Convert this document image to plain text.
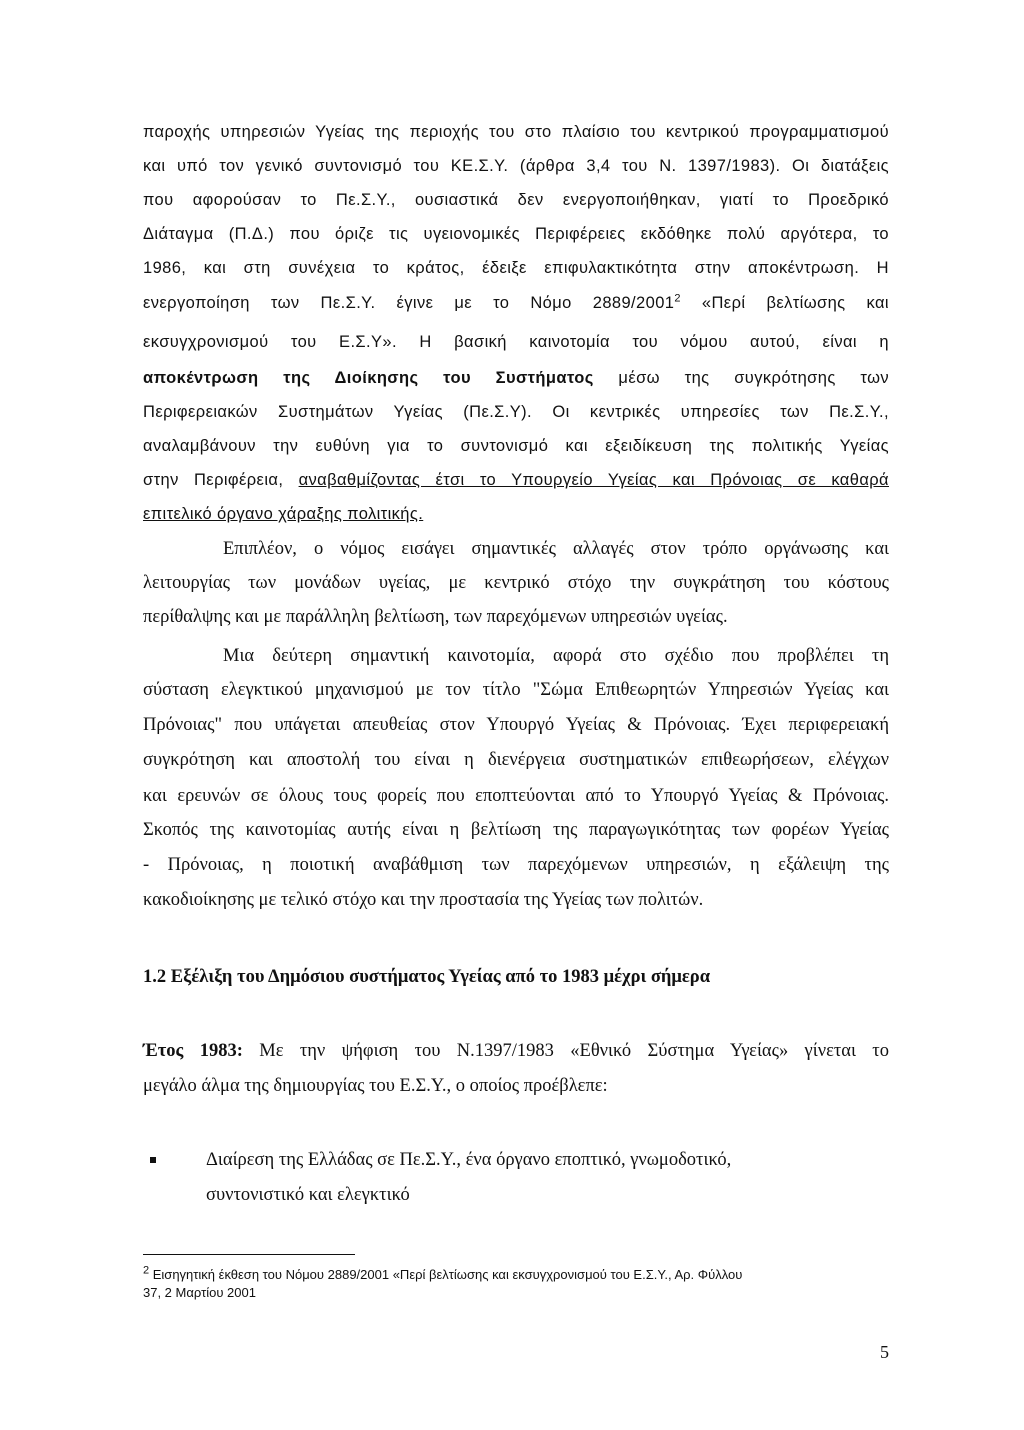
παροχής υπηρεσιών Υγείας της περιοχής του στο πλαίσιο του κεντρικού προγραμματισμού
και υπό τον γενικό συντονισμό του ΚΕ.Σ.Υ. (άρθρα 3,4 του Ν. 1397/1983). Οι διατάξεις
που αφορούσαν το Πε.Σ.Υ., ουσιαστικά δεν ενεργοποιήθηκαν, γιατί το Προεδρικό
Διάταγμα (Π.Δ.) που όριζε τις υγειονομικές Περιφέρειες εκδόθηκε πολύ αργότερα, το
1986, και στη συνέχεια το κράτος, έδειξε επιφυλακτικότητα στην αποκέντρωση. Η
ενεργοποίηση των Πε.Σ.Υ. έγινε με το Νόμο 2889/2001$^2$ «Περί βελτίωσης και
εκσυγχρονισμού του Ε.Σ.Υ». Η βασική καινοτομία του νόμου αυτού, είναι η
αποκέντρωση της Διοίκησης του Συστήματος μέσω της συγκρότησης των
Περιφερειακών Συστημάτων Υγείας (Πε.Σ.Υ). Οι κεντρικές υπηρεσίες των Πε.Σ.Υ.,
αναλαμβάνουν την ευθύνη για το συντονισμό και εξειδίκευση της πολιτικής Υγείας
στην Περιφέρεια, αναβαθμίζοντας έτσι το Υπουργείο Υγείας και Πρόνοιας σε καθαρά
επιτελικό όργανο χάραξης πολιτικής.
Επιπλέον, ο νόμος εισάγει σημαντικές αλλαγές στον τρόπο οργάνωσης και
λειτουργίας των μονάδων υγείας, με κεντρικό στόχο την συγκράτηση του κόστους
περίθαλψης και με παράλληλη βελτίωση, των παρεχόμενων υπηρεσιών υγείας.
Μια δεύτερη σημαντική καινοτομία, αφορά στο σχέδιο που προβλέπει τη
σύσταση ελεγκτικού μηχανισμού με τον τίτλο "Σώμα Επιθεωρητών Υπηρεσιών Υγείας και
Πρόνοιας" που υπάγεται απευθείας στον Υπουργό Υγείας & Πρόνοιας. Έχει περιφερειακή
συγκρότηση και αποστολή του είναι η διενέργεια συστηματικών επιθεωρήσεων, ελέγχων
και ερευνών σε όλους τους φορείς που εποπτεύονται από το Υπουργό Υγείας & Πρόνοιας.
Σκοπός της καινοτομίας αυτής είναι η βελτίωση της παραγωγικότητας των φορέων Υγείας
- Πρόνοιας, η ποιοτική αναβάθμιση των παρεχόμενων υπηρεσιών, η εξάλειψη της
κακοδιοίκησης με τελικό στόχο και την προστασία της Υγείας των πολιτών.
1.2 Εξέλιξη του Δημόσιου συστήματος Υγείας από το 1983 μέχρι σήμερα
Έτος 1983: Με την ψήφιση του Ν.1397/1983 «Εθνικό Σύστημα Υγείας» γίνεται το
μεγάλο άλμα της δημιουργίας του Ε.Σ.Υ., ο οποίος προέβλεπε:
Διαίρεση της Ελλάδας σε Πε.Σ.Υ., ένα όργανο εποπτικό, γνωμοδοτικό,
συντονιστικό και ελεγκτικό
$^2$ Εισηγητική έκθεση του Νόμου 2889/2001 «Περί βελτίωσης και εκσυγχρονισμού του Ε.Σ.Υ., Αρ. Φύλλου
37, 2 Μαρτίου 2001
5
